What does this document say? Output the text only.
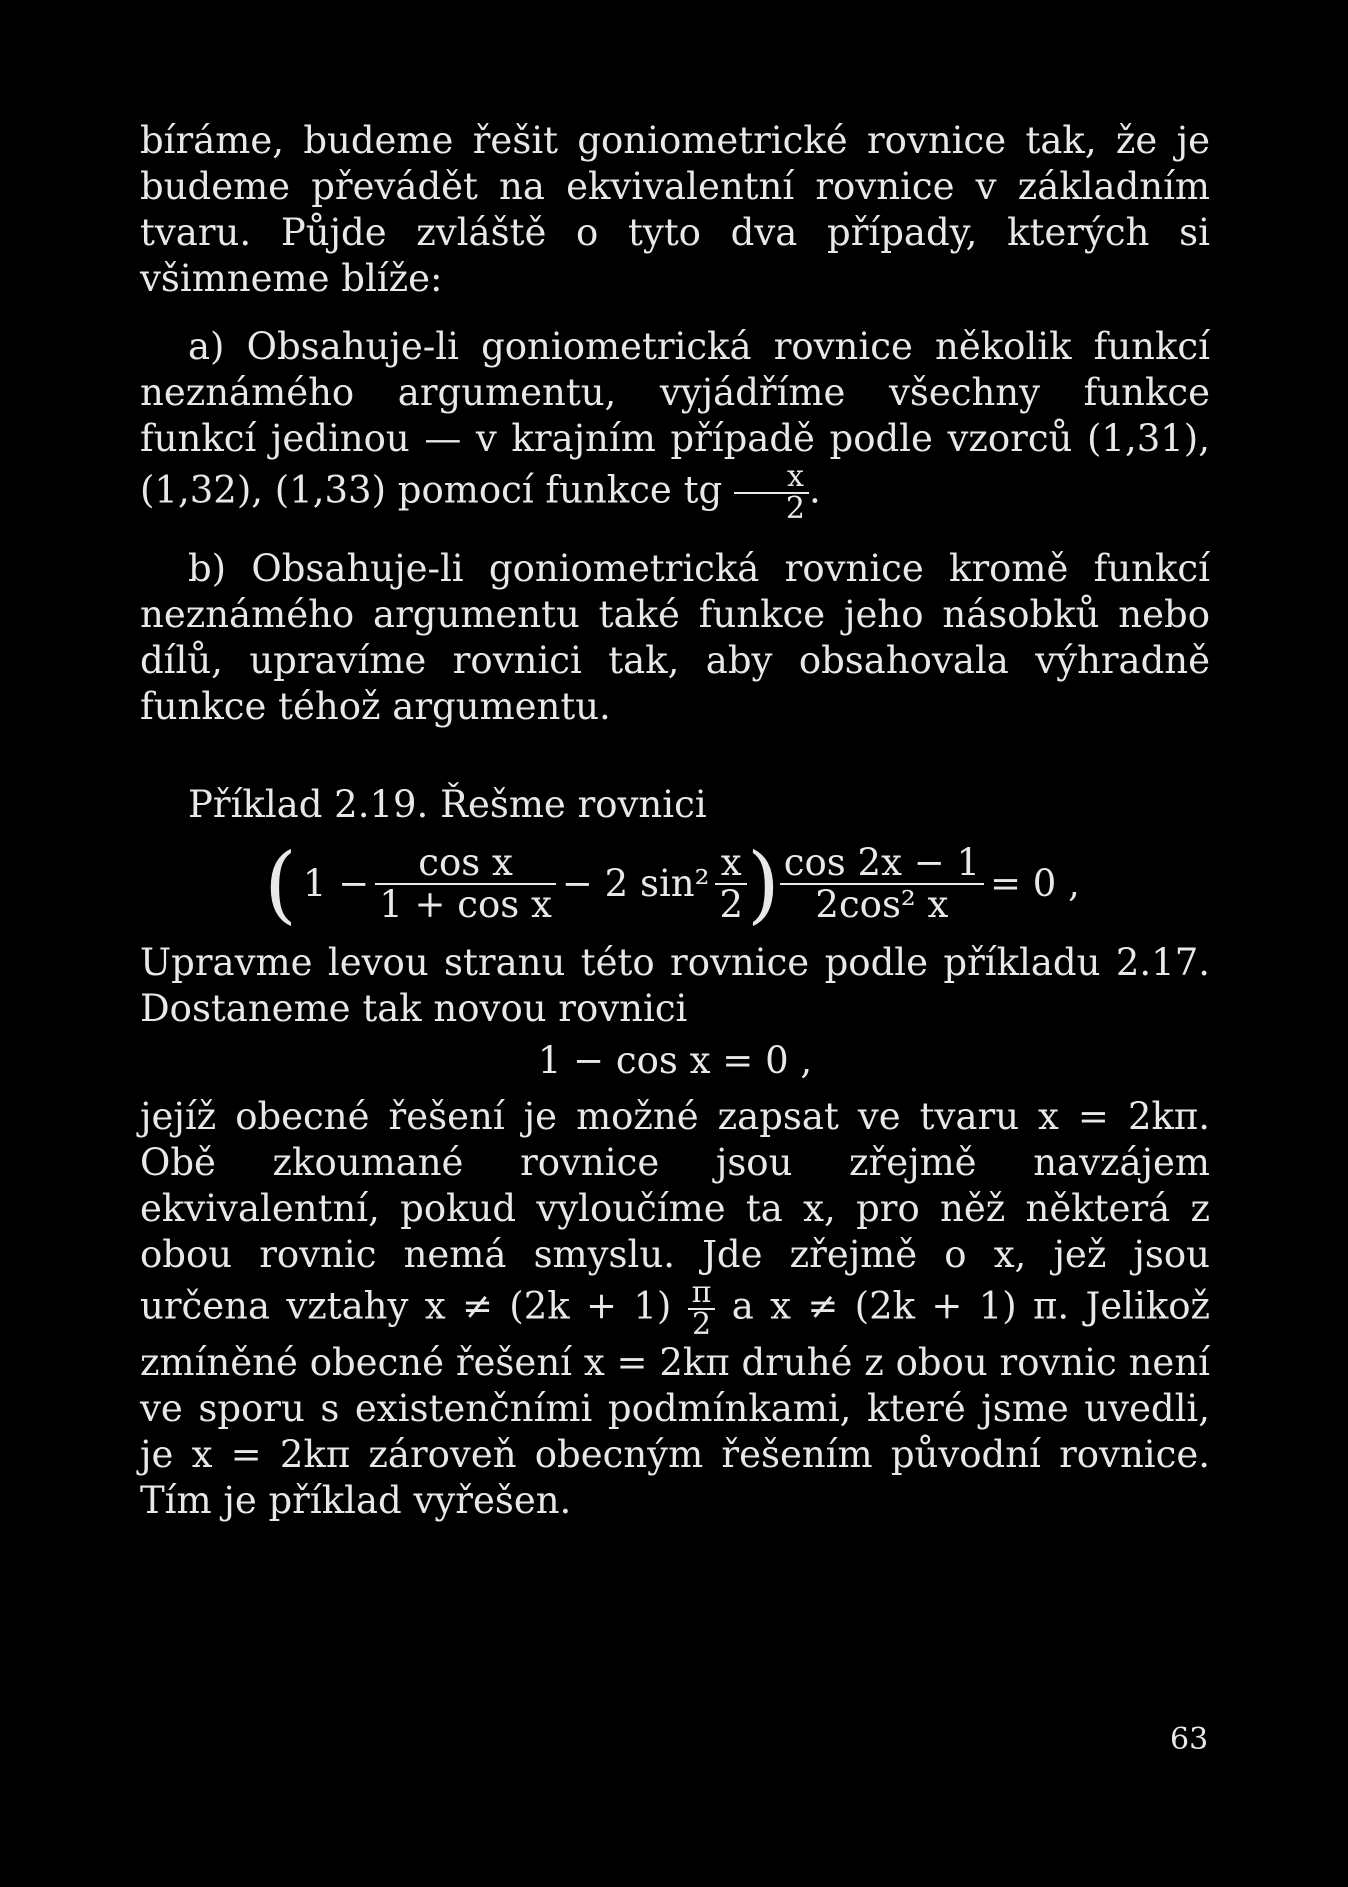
bíráme, budeme řešit goniometrické rovnice tak, že je budeme převádět na ekvivalentní rovnice v základním tvaru. Půjde zvláště o tyto dva případy, kterých si všimneme blíže:

a) Obsahuje-li goniometrická rovnice několik funkcí neznámého argumentu, vyjádříme všechny funkce funkcí jedinou — v krajním případě podle vzorců (1,31), (1,32), (1,33) pomocí funkce tg $\frac{x}{2}$ .

b) Obsahuje-li goniometrická rovnice kromě funkcí neznámého argumentu také funkce jeho násobků nebo dílů, upravíme rovnici tak, aby obsahovala výhradně funkce téhož argumentu.

Příklad 2.19. Řešme rovnici

( $1 - \frac{\text{cos x}}{\text{1 + cos x}} - 2$ $\sin^2 \frac{x}{2}$ ) $\frac{\cos 2x - 1}{\text{2cos² x}} = 0$ ,

Upravme levou stranu této rovnice podle příkladu 2.17. Dostaneme tak novou rovnici

1 − cos x = 0 ,

jejíž obecné řešení je možné zapsat ve tvaru x = 2kπ. Obě zkoumané rovnice jsou zřejmě navzájem ekvivalentní, pokud vyloučíme ta x, pro něž některá z obou rovnic nemá smyslu. Jde zřejmě o x, jež jsou určena vztahy $x \ne (2k + 1) \frac{\pi}{2}$ a x ≠ (2k + 1) π. Jelikož zmíněné obecné řešení x = 2kπ druhé z obou rovnic není ve sporu s existenčními podmínkami, které jsme uvedli, je x = 2kπ zároveň obecným řešením původní rovnice. Tím je příklad vyřešen.

63
